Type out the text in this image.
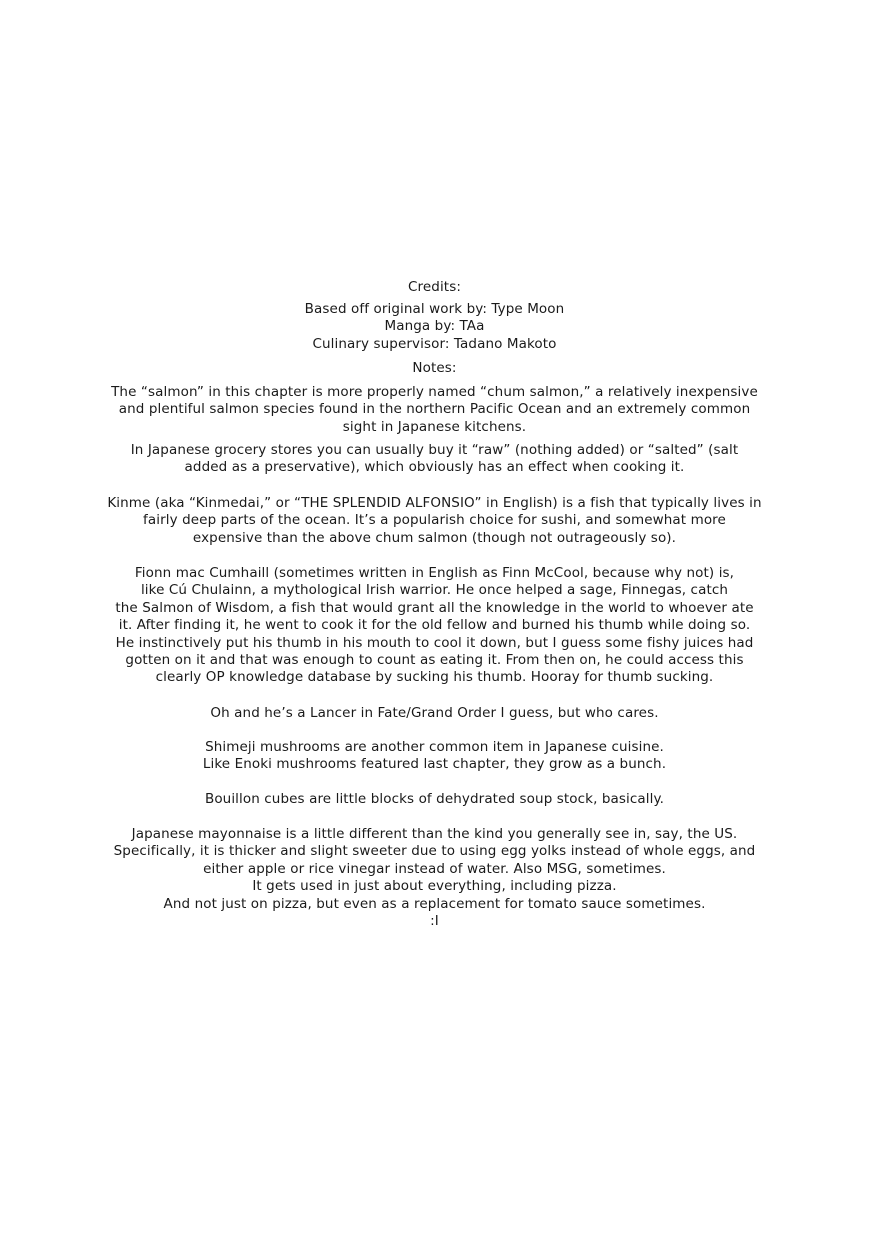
Credits:
Based off original work by: Type Moon
Manga by: TAa
Culinary supervisor: Tadano Makoto
Notes:
The “salmon” in this chapter is more properly named “chum salmon,” a relatively inexpensive
and plentiful salmon species found in the northern Pacific Ocean and an extremely common
sight in Japanese kitchens.
In Japanese grocery stores you can usually buy it “raw” (nothing added) or “salted” (salt
added as a preservative), which obviously has an effect when cooking it.
Kinme (aka “Kinmedai,” or “THE SPLENDID ALFONSIO” in English) is a fish that typically lives in
fairly deep parts of the ocean. It’s a popularish choice for sushi, and somewhat more
expensive than the above chum salmon (though not outrageously so).
Fionn mac Cumhaill (sometimes written in English as Finn McCool, because why not) is,
like Cú Chulainn, a mythological Irish warrior. He once helped a sage, Finnegas, catch
the Salmon of Wisdom, a fish that would grant all the knowledge in the world to whoever ate
it. After finding it, he went to cook it for the old fellow and burned his thumb while doing so.
He instinctively put his thumb in his mouth to cool it down, but I guess some fishy juices had
gotten on it and that was enough to count as eating it. From then on, he could access this
clearly OP knowledge database by sucking his thumb. Hooray for thumb sucking.
Oh and he’s a Lancer in Fate/Grand Order I guess, but who cares.
Shimeji mushrooms are another common item in Japanese cuisine.
Like Enoki mushrooms featured last chapter, they grow as a bunch.
Bouillon cubes are little blocks of dehydrated soup stock, basically.
Japanese mayonnaise is a little different than the kind you generally see in, say, the US.
Specifically, it is thicker and slight sweeter due to using egg yolks instead of whole eggs, and
either apple or rice vinegar instead of water. Also MSG, sometimes.
It gets used in just about everything, including pizza.
And not just on pizza, but even as a replacement for tomato sauce sometimes.
:I
